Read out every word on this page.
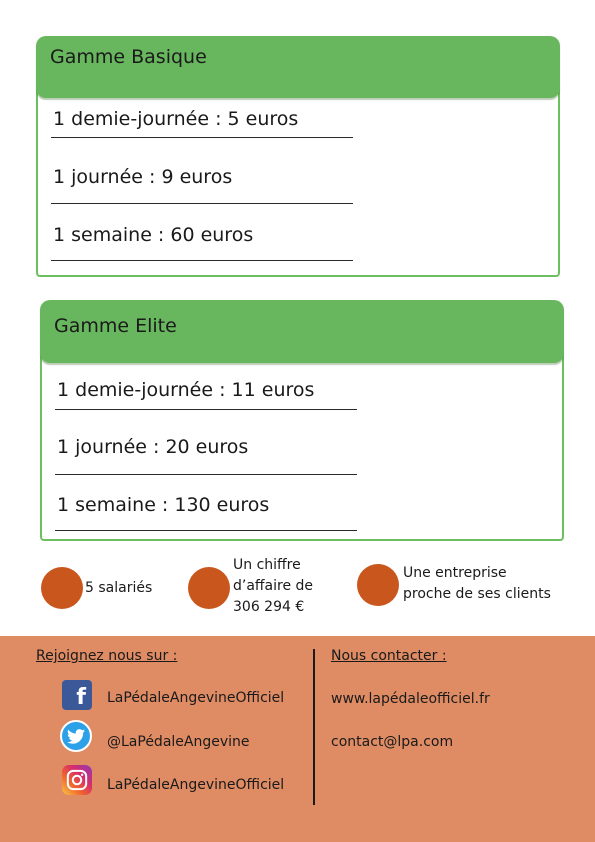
Gamme Basique
1 demie-journée : 5 euros
1 journée : 9 euros
1 semaine : 60 euros
Gamme Elite
1 demie-journée : 11 euros
1 journée : 20 euros
1 semaine : 130 euros
5 salariés
Un chiffre
d’affaire de
306 294 €
Une entreprise
proche de ses clients
Rejoignez nous sur :
f	LaPédaleAngevineOfficiel
@LaPédaleAngevine
LaPédaleAngevineOfficiel
Nous contacter :
www.lapédaleofficiel.fr
contact@lpa.com
